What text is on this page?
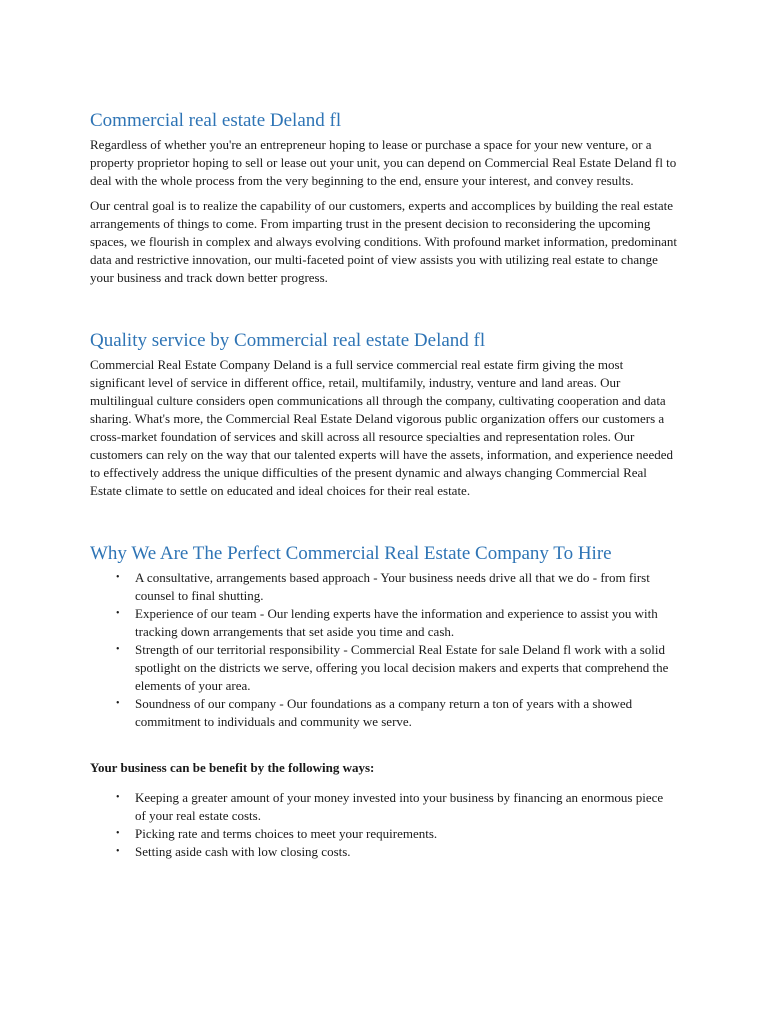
Commercial real estate Deland fl

Regardless of whether you're an entrepreneur hoping to lease or purchase a space for your new venture, or a property proprietor hoping to sell or lease out your unit, you can depend on Commercial Real Estate Deland fl to deal with the whole process from the very beginning to the end, ensure your interest, and convey results.

Our central goal is to realize the capability of our customers, experts and accomplices by building the real estate arrangements of things to come. From imparting trust in the present decision to reconsidering the upcoming spaces, we flourish in complex and always evolving conditions. With profound market information, predominant data and restrictive innovation, our multi-faceted point of view assists you with utilizing real estate to change your business and track down better progress.

Quality service by Commercial real estate Deland fl

Commercial Real Estate Company Deland is a full service commercial real estate firm giving the most significant level of service in different office, retail, multifamily, industry, venture and land areas. Our multilingual culture considers open communications all through the company, cultivating cooperation and data sharing. What's more, the Commercial Real Estate Deland vigorous public organization offers our customers a cross-market foundation of services and skill across all resource specialties and representation roles. Our customers can rely on the way that our talented experts will have the assets, information, and experience needed to effectively address the unique difficulties of the present dynamic and always changing Commercial Real Estate climate to settle on educated and ideal choices for their real estate.

Why We Are The Perfect Commercial Real Estate Company To Hire
• A consultative, arrangements based approach - Your business needs drive all that we do - from first counsel to final shutting.
• Experience of our team - Our lending experts have the information and experience to assist you with tracking down arrangements that set aside you time and cash.
• Strength of our territorial responsibility - Commercial Real Estate for sale Deland fl work with a solid spotlight on the districts we serve, offering you local decision makers and experts that comprehend the elements of your area.
• Soundness of our company - Our foundations as a company return a ton of years with a showed commitment to individuals and community we serve.
Your business can be benefit by the following ways:
• Keeping a greater amount of your money invested into your business by financing an enormous piece of your real estate costs.
• Picking rate and terms choices to meet your requirements.
• Setting aside cash with low closing costs.
